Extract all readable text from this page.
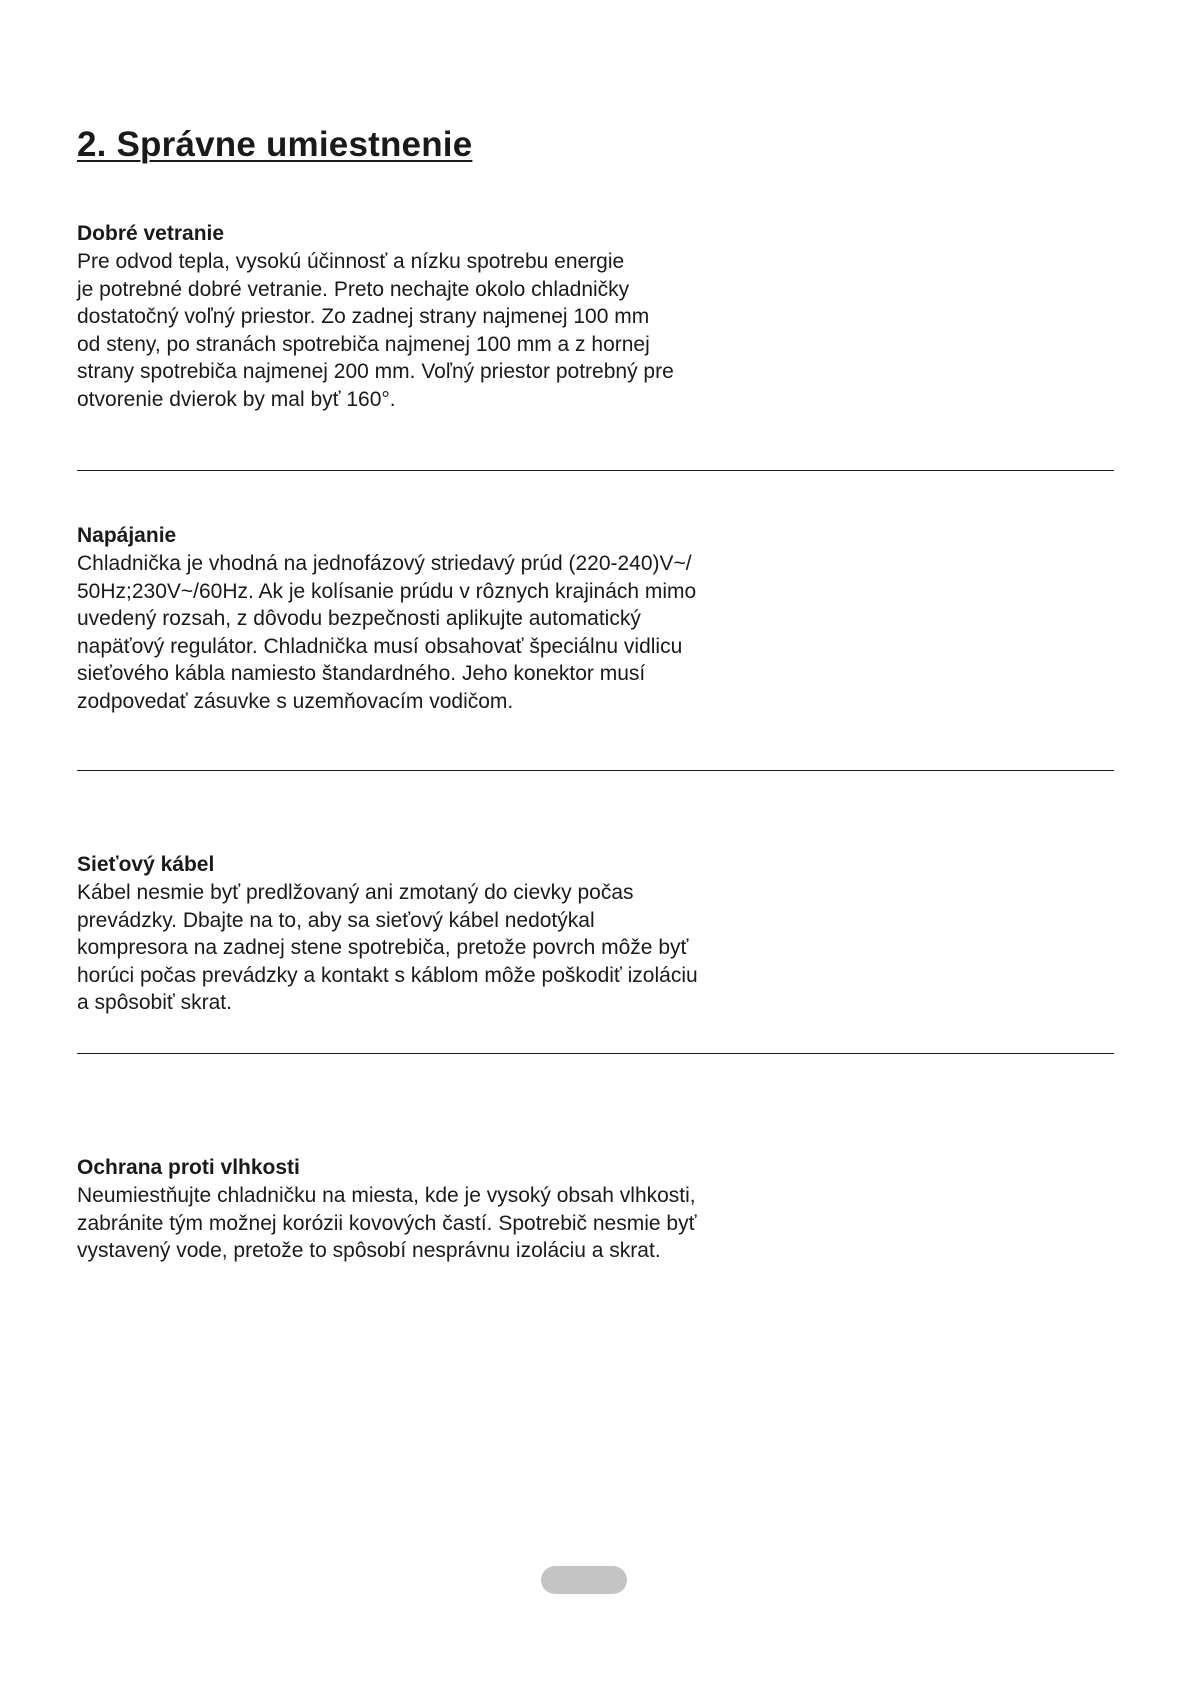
2. Správne umiestnenie
Dobré vetranie
Pre odvod tepla, vysokú účinnosť a nízku spotrebu energie
je potrebné dobré vetranie. Preto nechajte okolo chladničky
dostatočný voľný priestor. Zo zadnej strany najmenej 100 mm
od steny, po stranách spotrebiča najmenej 100 mm a z hornej
strany spotrebiča najmenej 200 mm. Voľný priestor potrebný pre
otvorenie dvierok by mal byť 160°.
Napájanie
Chladnička je vhodná na jednofázový striedavý prúd (220-240)V~/
50Hz;230V~/60Hz. Ak je kolísanie prúdu v rôznych krajinách mimo
uvedený rozsah, z dôvodu bezpečnosti aplikujte automatický
napäťový regulátor. Chladnička musí obsahovať špeciálnu vidlicu
sieťového kábla namiesto štandardného. Jeho konektor musí
zodpovedať zásuvke s uzemňovacím vodičom.
Sieťový kábel
Kábel nesmie byť predlžovaný ani zmotaný do cievky počas
prevádzky. Dbajte na to, aby sa sieťový kábel nedotýkal
kompresora na zadnej stene spotrebiča, pretože povrch môže byť
horúci počas prevádzky a kontakt s káblom môže poškodiť izoláciu
a spôsobiť skrat.
Ochrana proti vlhkosti
Neumiestňujte chladničku na miesta, kde je vysoký obsah vlhkosti,
zabránite tým možnej korózii kovových častí. Spotrebič nesmie byť
vystavený vode, pretože to spôsobí nesprávnu izoláciu a skrat.
